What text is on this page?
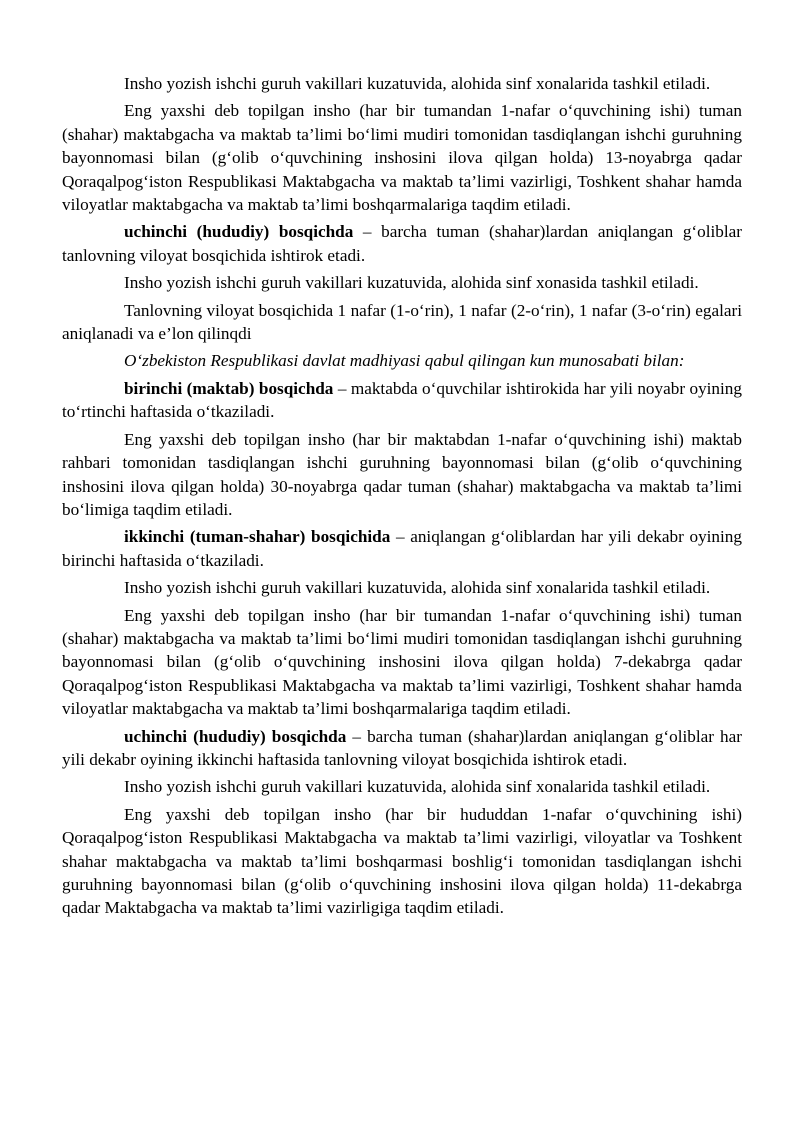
Insho yozish ishchi guruh vakillari kuzatuvida, alohida sinf xonalarida tashkil etiladi.

Eng yaxshi deb topilgan insho (har bir tumandan 1-nafar o‘quvchining ishi) tuman (shahar) maktabgacha va maktab ta’limi bo‘limi mudiri tomonidan tasdiqlangan ishchi guruhning bayonnomasi bilan (g‘olib o‘quvchining inshosini ilova qilgan holda) 13-noyabrga qadar Qoraqalpog‘iston Respublikasi Maktabgacha va maktab ta’limi vazirligi, Toshkent shahar hamda viloyatlar maktabgacha va maktab ta’limi boshqarmalariga taqdim etiladi.

uchinchi (hududiy) bosqichda – barcha tuman (shahar)lardan aniqlangan g‘oliblar tanlovning viloyat bosqichida ishtirok etadi.

Insho yozish ishchi guruh vakillari kuzatuvida, alohida sinf xonasida tashkil etiladi.

Tanlovning viloyat bosqichida 1 nafar (1-o‘rin), 1 nafar (2-o‘rin), 1 nafar (3-o‘rin) egalari aniqlanadi va e’lon qilinqdi

O‘zbekiston Respublikasi davlat madhiyasi qabul qilingan kun munosabati bilan:

birinchi (maktab) bosqichda – maktabda o‘quvchilar ishtirokida har yili noyabr oyining to‘rtinchi haftasida o‘tkaziladi.

Eng yaxshi deb topilgan insho (har bir maktabdan 1-nafar o‘quvchining ishi) maktab rahbari tomonidan tasdiqlangan ishchi guruhning bayonnomasi bilan (g‘olib o‘quvchining inshosini ilova qilgan holda) 30-noyabrga qadar tuman (shahar) maktabgacha va maktab ta’limi bo‘limiga taqdim etiladi.

ikkinchi (tuman-shahar) bosqichida – aniqlangan g‘oliblardan har yili dekabr oyining birinchi haftasida o‘tkaziladi.

Insho yozish ishchi guruh vakillari kuzatuvida, alohida sinf xonalarida tashkil etiladi.

Eng yaxshi deb topilgan insho (har bir tumandan 1-nafar o‘quvchining ishi) tuman (shahar) maktabgacha va maktab ta’limi bo‘limi mudiri tomonidan tasdiqlangan ishchi guruhning bayonnomasi bilan (g‘olib o‘quvchining inshosini ilova qilgan holda) 7-dekabrga qadar Qoraqalpog‘iston Respublikasi Maktabgacha va maktab ta’limi vazirligi, Toshkent shahar hamda viloyatlar maktabgacha va maktab ta’limi boshqarmalariga taqdim etiladi.

uchinchi (hududiy) bosqichda – barcha tuman (shahar)lardan aniqlangan g‘oliblar har yili dekabr oyining ikkinchi haftasida tanlovning viloyat bosqichida ishtirok etadi.

Insho yozish ishchi guruh vakillari kuzatuvida, alohida sinf xonalarida tashkil etiladi.

Eng yaxshi deb topilgan insho (har bir hududdan 1-nafar o‘quvchining ishi) Qoraqalpog‘iston Respublikasi Maktabgacha va maktab ta’limi vazirligi, viloyatlar va Toshkent shahar maktabgacha va maktab ta’limi boshqarmasi boshlig‘i tomonidan tasdiqlangan ishchi guruhning bayonnomasi bilan (g‘olib o‘quvchining inshosini ilova qilgan holda) 11-dekabrga qadar Maktabgacha va maktab ta’limi vazirligiga taqdim etiladi.
